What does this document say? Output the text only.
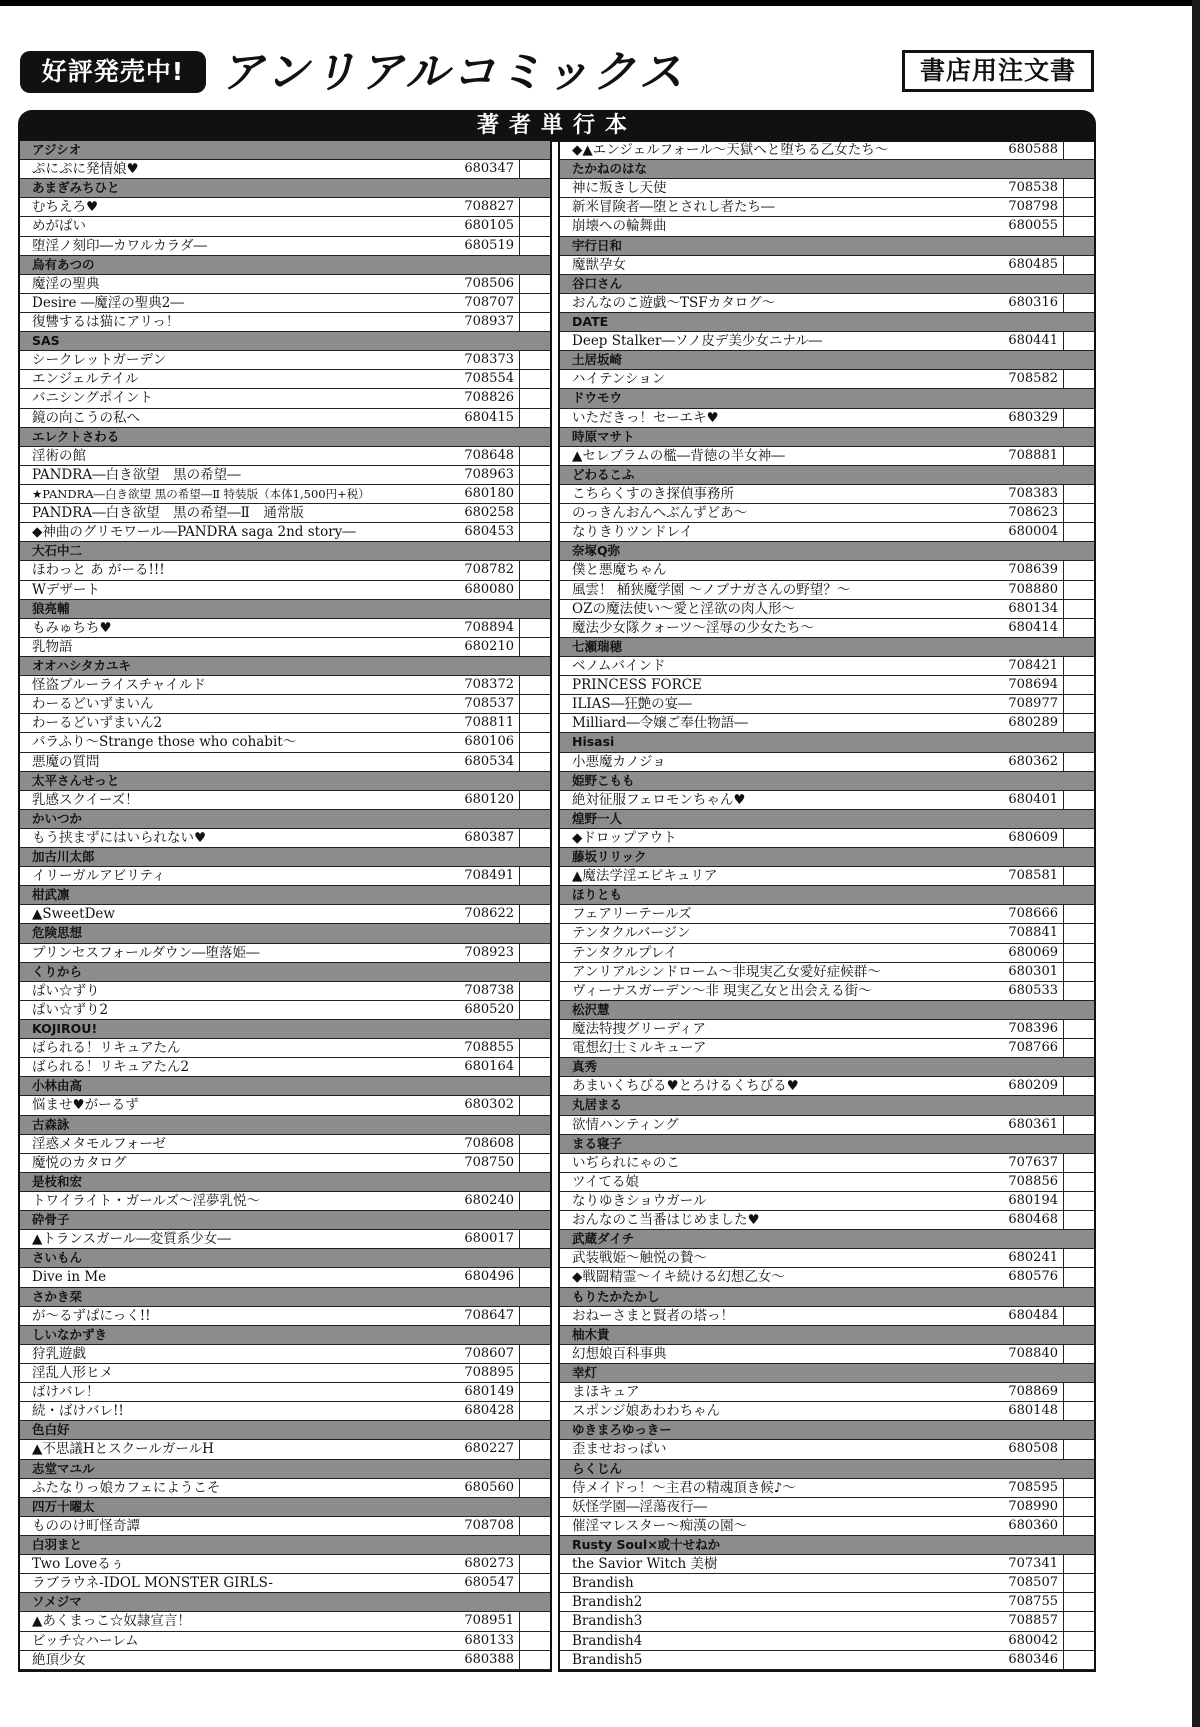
好評発売中! アンリアルコミックス	書店用注文書
著者単行本
アジシオ
ぷにぷに発情娘♥	680347
あまぎみちひと
むちえろ♥	708827
めがぱい	680105
堕淫ノ刻印―カワルカラダ―	680519
烏有あつの
魔淫の聖典	708506
Desire ―魔淫の聖典2―	708707
復讐するは猫にアリっ！	708937
SAS
シークレットガーデン	708373
エンジェルテイル	708554
バニシングポイント	708826
鏡の向こうの私へ	680415
エレクトさわる
淫術の館	708648
PANDRA―白き欲望　黒の希望―	708963
★PANDRA―白き欲望 黒の希望―Ⅱ 特装版（本体1,500円+税）	680180
PANDRA―白き欲望　黒の希望―Ⅱ　通常版	680258
◆神曲のグリモワール―PANDRA saga 2nd story―	680453
大石中二
ほわっと あ がーる!!!	708782
Wデザート	680080
狼亮輔
もみゅちち♥	708894
乳物語	680210
オオハシタカユキ
怪盗ブルーライスチャイルド	708372
わーるどいずまいん	708537
わーるどいずまいん2	708811
パラふり～Strange those who cohabit～	680106
悪魔の質問	680534
太平さんせっと
乳感スクイーズ！	680120
かいつか
もう挟まずにはいられない♥	680387
加古川太郎
イリーガルアビリティ	708491
柑武凛
▲SweetDew	708622
危険思想
プリンセスフォールダウン―堕落姫―	708923
くりから
ぱい☆ずり	708738
ぱい☆ずり2	680520
KOJIROU!
ばられる！リキュアたん	708855
ばられる！リキュアたん2	680164
小林由高
悩ませ♥がーるず	680302
古森詠
淫惑メタモルフォーゼ	708608
魔悦のカタログ	708750
是枝和宏
トワイライト・ガールズ～淫夢乳悦～	680240
砕骨子
▲トランスガール―変質系少女―	680017
さいもん
Dive in Me	680496
さかき栞
が～るずぱにっく!!	708647
しいなかずき
狩乳遊戯	708607
淫乱人形ヒメ	708895
ばけバレ！	680149
続・ばけバレ!!	680428
色白好
▲不思議HとスクールガールH	680227
志堂マユル
ふたなりっ娘カフェにようこそ	680560
四万十曜太
もののけ町怪奇譚	708708
白羽まと
Two Loveるぅ	680273
ラブラウネ-IDOL MONSTER GIRLS-	680547
ソメジマ
▲あくまっこ☆奴隷宣言！	708951
ビッチ☆ハーレム	680133
絶頂少女	680388
◆▲エンジェルフォール～天獄へと堕ちる乙女たち～	680588
たかねのはな
神に叛きし天使	708538
新米冒険者―堕とされし者たち―	708798
崩壊への輪舞曲	680055
宇行日和
魔獣孕女	680485
谷口さん
おんなのこ遊戯～TSFカタログ～	680316
DATE
Deep Stalker―ソノ皮デ美少女ニナル―	680441
土居坂崎
ハイテンション	708582
ドウモウ
いただきっ！セーエキ♥	680329
時原マサト
▲セレブラムの檻―背徳の半女神―	708881
どわるこふ
こちらくすのき探偵事務所	708383
のっきんおんへぶんずどあ～	708623
なりきりツンドレイ	680004
奈塚Q弥
僕と悪魔ちゃん	708639
風雲！ 桶狭魔学園 ～ノブナガさんの野望？～	708880
OZの魔法使い～愛と淫欲の肉人形～	680134
魔法少女隊クォーツ～淫辱の少女たち～	680414
七瀬瑞穂
ベノムバインド	708421
PRINCESS FORCE	708694
ILIAS―狂艶の宴―	708977
Milliard―令嬢ご奉仕物語―	680289
Hisasi
小悪魔カノジョ	680362
姫野こもも
絶対征服フェロモンちゃん♥	680401
煌野一人
◆ドロップアウト	680609
藤坂リリック
▲魔法学淫エピキュリア	708581
ほりとも
フェアリーテールズ	708666
テンタクルバージン	708841
テンタクルプレイ	680069
アンリアルシンドローム～非現実乙女愛好症候群～	680301
ヴィーナスガーデン～非 現実乙女と出会える街～	680533
松沢慧
魔法特捜グリーディア	708396
電想幻士ミルキューア	708766
真秀
あまいくちびる♥とろけるくちびる♥	680209
丸居まる
欲情ハンティング	680361
まる寝子
いぢられにゃのこ	707637
ツイてる娘	708856
なりゆきショウガール	680194
おんなのこ当番はじめました♥	680468
武蔵ダイチ
武装戦姫～触悦の贄～	680241
◆戦闘精霊～イキ続ける幻想乙女～	680576
もりたかたかし
おねーさまと賢者の塔っ！	680484
柚木貴
幻想娘百科事典	708840
幸灯
まほキュア	708869
スポンジ娘あわわちゃん	680148
ゆきまろゆっきー
歪ませおっぱい	680508
らくじん
侍メイドっ！～主君の精魂頂き候♪～	708595
妖怪学園―淫蕩夜行―	708990
催淫マレスター～痴漢の園～	680360
Rusty Soul×或十せねか
the Savior Witch 美樹	707341
Brandish	708507
Brandish2	708755
Brandish3	708857
Brandish4	680042
Brandish5	680346
